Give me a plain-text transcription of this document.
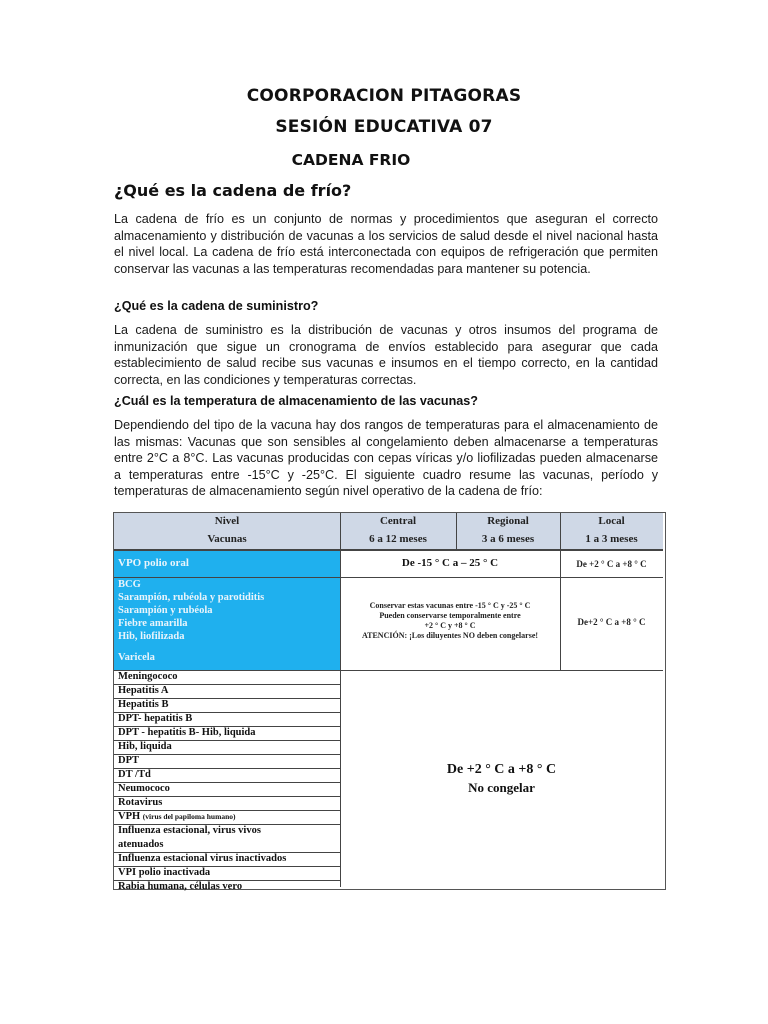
COORPORACION PITAGORAS
SESIÓN EDUCATIVA 07
CADENA FRIO
¿Qué es la cadena de frío?
La cadena de frío es un conjunto de normas y procedimientos que aseguran el correcto almacenamiento y distribución de vacunas a los servicios de salud desde el nivel nacional hasta el nivel local. La cadena de frío está interconectada con equipos de refrigeración que permiten conservar las vacunas a las temperaturas recomendadas para mantener su potencia.
¿Qué es la cadena de suministro?
La cadena de suministro es la distribución de vacunas y otros insumos del programa de inmunización que sigue un cronograma de envíos establecido para asegurar que cada establecimiento de salud recibe sus vacunas e insumos en el tiempo correcto, en la cantidad correcta, en las condiciones y temperaturas correctas.
¿Cuál es la temperatura de almacenamiento de las vacunas?
Dependiendo del tipo de la vacuna hay dos rangos de temperaturas para el almacenamiento de las mismas: Vacunas que son sensibles al congelamiento deben almacenarse a temperaturas entre 2°C a 8°C. Las vacunas producidas con cepas víricas y/o liofilizadas pueden almacenarse a temperaturas entre -15°C y -25°C. El siguiente cuadro resume las vacunas, período y temperaturas de almacenamiento según nivel operativo de la cadena de frío:
Nivel
Vacunas
Central
6 a 12 meses
Regional
3 a 6 meses
Local
1 a 3 meses
VPO polio oral	De -15 ° C a – 25 ° C	De +2 ° C a +8 ° C
BCG
Sarampión, rubéola y parotiditis
Sarampión y rubéola
Fiebre amarilla
Hib, liofilizada
Varicela
Conservar estas vacunas entre -15 ° C y -25 ° C
Pueden conservarse temporalmente entre
+2 ° C y +8 ° C
ATENCIÓN: ¡Los diluyentes NO deben congelarse!
De+2 ° C a +8 ° C
Meningococo
Hepatitis A
Hepatitis B
DPT- hepatitis B
DPT - hepatitis B- Hib, liquida
Hib, liquida
DPT
DT /Td
Neumococo
Rotavirus
VPH (virus del papiloma humano)
Influenza estacional, virus vivos
atenuados
Influenza estacional virus inactivados
VPI polio inactivada
Rabia humana, células vero
De +2 ° C a +8 ° C
No congelar
